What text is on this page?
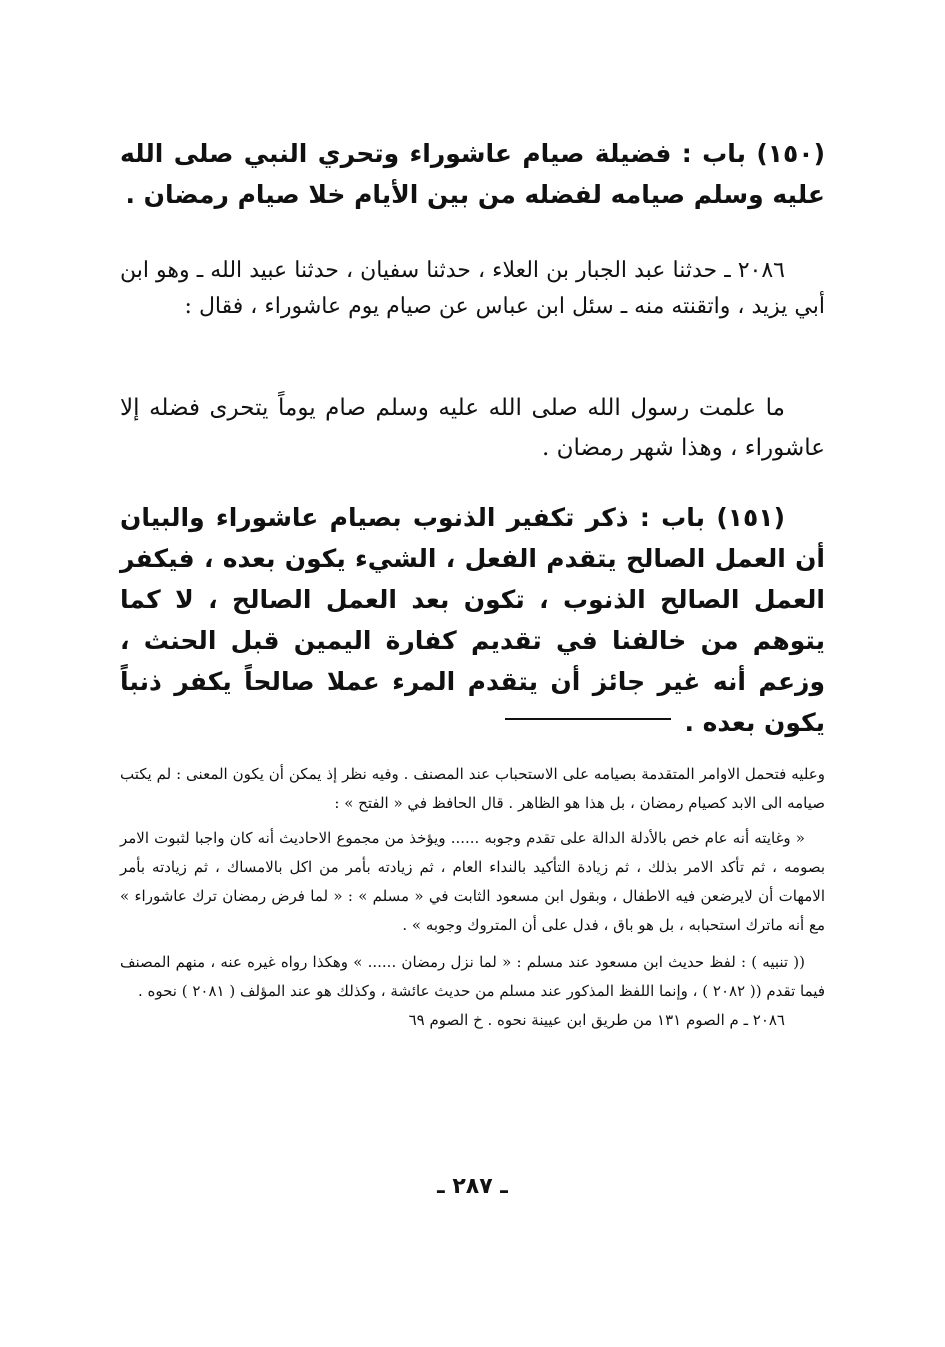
(١٥٠) باب : فضيلة صيام عاشوراء وتحري النبي صلى الله عليه وسلم صيامه لفضله من بين الأيام خلا صيام رمضان .

٢٠٨٦ ـ حدثنا عبد الجبار بن العلاء ، حدثنا سفيان ، حدثنا عبيد الله ـ وهو ابن أبي يزيد ، واتقنته منه ـ سئل ابن عباس عن صيام يوم عاشوراء ، فقال :

ما علمت رسول الله صلى الله عليه وسلم صام يوماً يتحرى فضله إلا عاشوراء ، وهذا شهر رمضان .

(١٥١) باب : ذكر تكفير الذنوب بصيام عاشوراء والبيان أن العمل الصالح يتقدم الفعل ، الشيء يكون بعده ، فيكفر العمل الصالح الذنوب ، تكون بعد العمل الصالح ، لا كما يتوهم من خالفنا في تقديم كفارة اليمين قبل الحنث ، وزعم أنه غير جائز أن يتقدم المرء عملا صالحاً يكفر ذنباً يكون بعده .

وعليه فتحمل الاوامر المتقدمة بصيامه على الاستحباب عند المصنف . وفيه نظر إذ يمكن أن يكون المعنى : لم يكتب صيامه الى الابد كصيام رمضان ، بل هذا هو الظاهر . قال الحافظ في « الفتح » :

« وغايته أنه عام خص بالأدلة الدالة على تقدم وجوبه ...... ويؤخذ من مجموع الاحاديث أنه كان واجبا لثبوت الامر بصومه ، ثم تأكد الامر بذلك ، ثم زيادة التأكيد بالنداء العام ، ثم زيادته بأمر من اكل بالامساك ، ثم زيادته بأمر الامهات أن لايرضعن فيه الاطفال ، وبقول ابن مسعود الثابت في « مسلم » : « لما فرض رمضان ترك عاشوراء » مع أنه ماترك استحبابه ، بل هو باق ، فدل على أن المتروك وجوبه » .

(( تنبيه ) : لفظ حديث ابن مسعود عند مسلم : « لما نزل رمضان ...... » وهكذا رواه غيره عنه ، منهم المصنف فيما تقدم (( ٢٠٨٢ ) ، وإنما اللفظ المذكور عند مسلم من حديث عائشة ، وكذلك هو عند المؤلف ( ٢٠٨١ ) نحوه .

٢٠٨٦ ـ م الصوم ١٣١ من طريق ابن عيينة نحوه . خ الصوم ٦٩

ـ ٢٨٧ ـ
